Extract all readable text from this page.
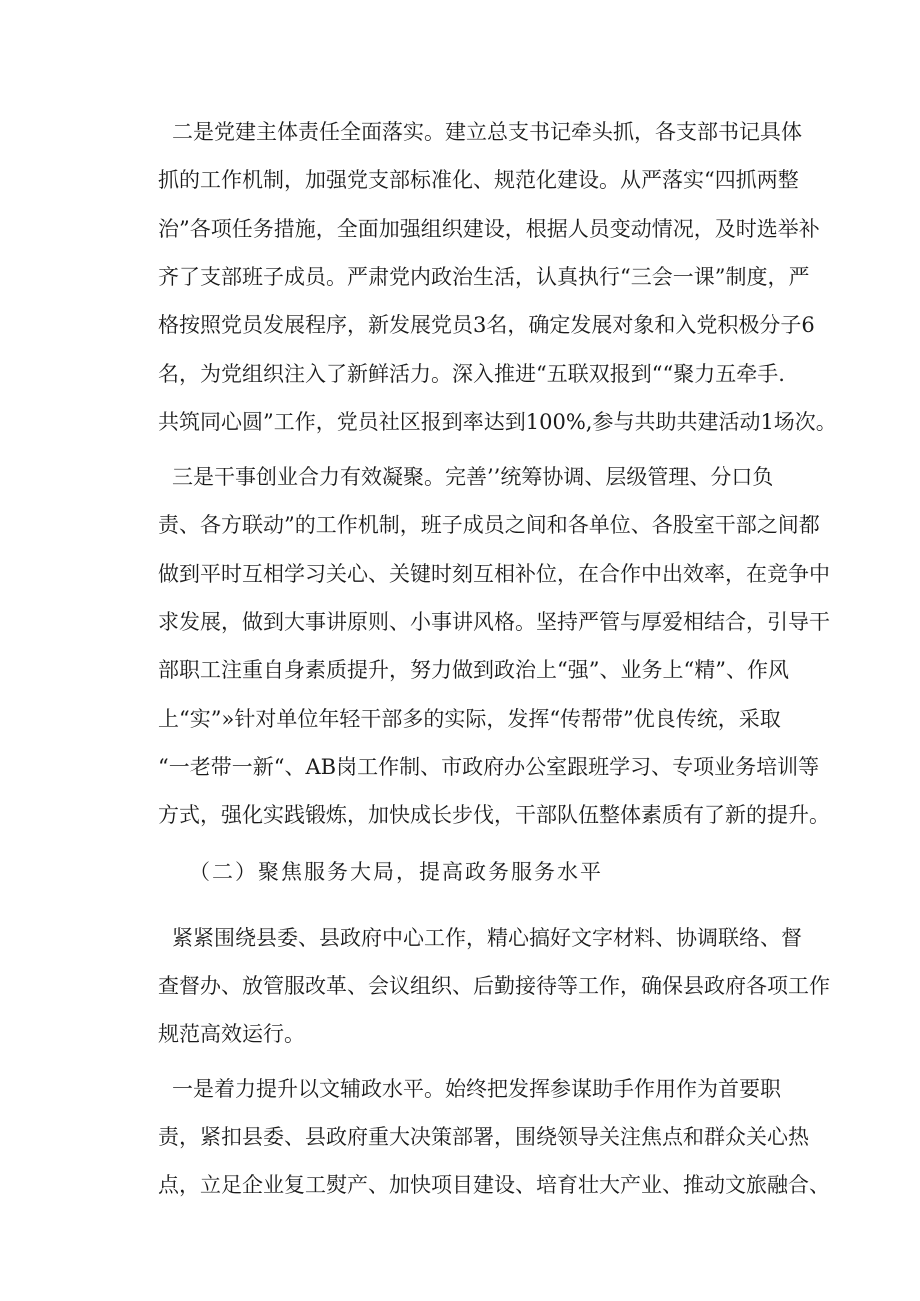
二是党建主体责任全面落实。建立总支书记牵头抓，各支部书记具体
抓的工作机制，加强党支部标准化、规范化建设。从严落实“四抓两整
治”各项任务措施，全面加强组织建设，根据人员变动情况，及时选举补
齐了支部班子成员。严肃党内政治生活，认真执行“三会一课”制度，严
格按照党员发展程序，新发展党员3名，确定发展对象和入党积极分子6
名，为党组织注入了新鲜活力。深入推进“五联双报到““聚力五牵手.
共筑同心圆”工作，党员社区报到率达到100%,参与共助共建活动1场次。
三是干事创业合力有效凝聚。完善’’统筹协调、层级管理、分口负
责、各方联动”的工作机制，班子成员之间和各单位、各股室干部之间都
做到平时互相学习关心、关键时刻互相补位，在合作中出效率，在竞争中
求发展，做到大事讲原则、小事讲风格。坚持严管与厚爱相结合，引导干
部职工注重自身素质提升，努力做到政治上“强”、业务上“精”、作风
上“实”»针对单位年轻干部多的实际，发挥“传帮带”优良传统，采取
“一老带一新“、AB岗工作制、市政府办公室跟班学习、专项业务培训等
方式，强化实践锻炼，加快成长步伐，干部队伍整体素质有了新的提升。
（二）聚焦服务大局，提高政务服务水平
紧紧围绕县委、县政府中心工作，精心搞好文字材料、协调联络、督
查督办、放管服改革、会议组织、后勤接待等工作，确保县政府各项工作
规范高效运行。
一是着力提升以文辅政水平。始终把发挥参谋助手作用作为首要职
责，紧扣县委、县政府重大决策部署，围绕领导关注焦点和群众关心热
点，立足企业复工熨产、加快项目建设、培育壮大产业、推动文旅融合、
